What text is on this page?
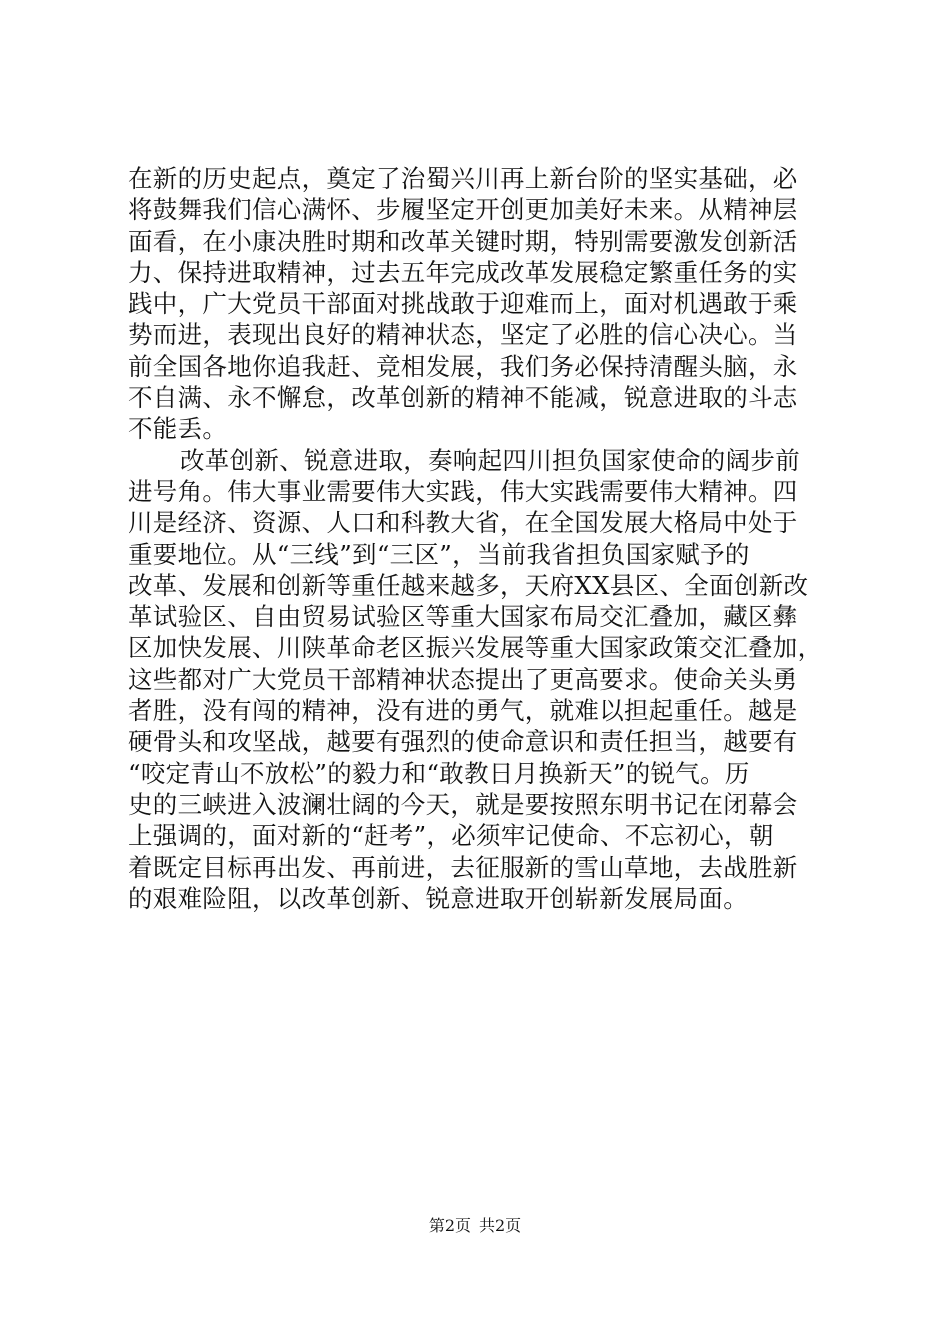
在新的历史起点，奠定了治蜀兴川再上新台阶的坚实基础，必
将鼓舞我们信心满怀、步履坚定开创更加美好未来。从精神层
面看，在小康决胜时期和改革关键时期，特别需要激发创新活
力、保持进取精神，过去五年完成改革发展稳定繁重任务的实
践中，广大党员干部面对挑战敢于迎难而上，面对机遇敢于乘
势而进，表现出良好的精神状态，坚定了必胜的信心决心。当
前全国各地你追我赶、竞相发展，我们务必保持清醒头脑，永
不自满、永不懈怠，改革创新的精神不能减，锐意进取的斗志
不能丢。
改革创新、锐意进取，奏响起四川担负国家使命的阔步前
进号角。伟大事业需要伟大实践，伟大实践需要伟大精神。四
川是经济、资源、人口和科教大省，在全国发展大格局中处于
重要地位。从“三线”到“三区”，当前我省担负国家赋予的
改革、发展和创新等重任越来越多，天府XX县区、全面创新改
革试验区、自由贸易试验区等重大国家布局交汇叠加，藏区彝
区加快发展、川陕革命老区振兴发展等重大国家政策交汇叠加，
这些都对广大党员干部精神状态提出了更高要求。使命关头勇
者胜，没有闯的精神，没有进的勇气，就难以担起重任。越是
硬骨头和攻坚战，越要有强烈的使命意识和责任担当，越要有
“咬定青山不放松”的毅力和“敢教日月换新天”的锐气。历
史的三峡进入波澜壮阔的今天，就是要按照东明书记在闭幕会
上强调的，面对新的“赶考”，必须牢记使命、不忘初心，朝
着既定目标再出发、再前进，去征服新的雪山草地，去战胜新
的艰难险阻，以改革创新、锐意进取开创崭新发展局面。
第2页 共2页
